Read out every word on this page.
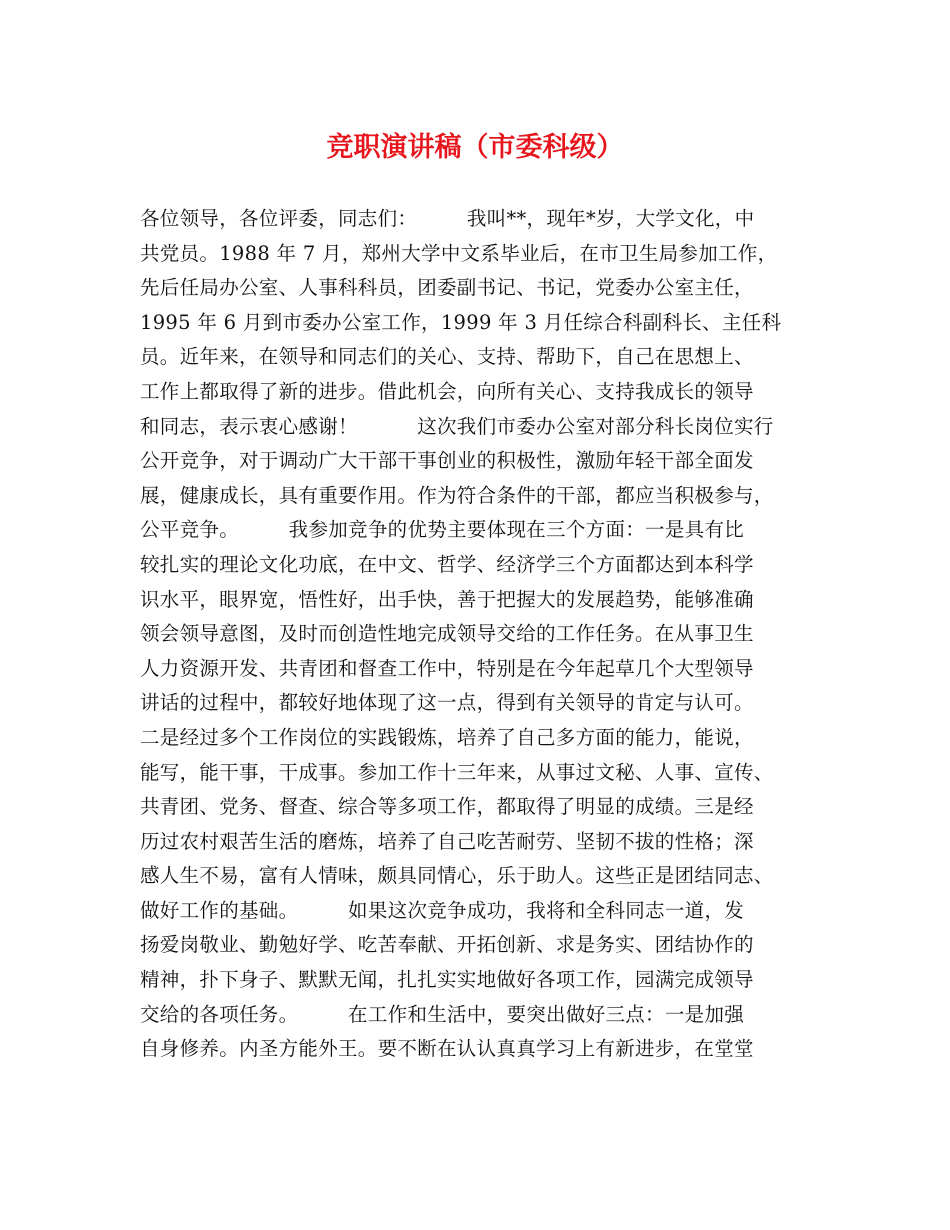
竞职演讲稿（市委科级）
各位领导，各位评委，同志们：　　　我叫**，现年*岁，大学文化，中
共党员。1988 年 7 月，郑州大学中文系毕业后，在市卫生局参加工作，
先后任局办公室、人事科科员，团委副书记、书记，党委办公室主任，
1995 年 6 月到市委办公室工作，1999 年 3 月任综合科副科长、主任科
员。近年来，在领导和同志们的关心、支持、帮助下，自己在思想上、
工作上都取得了新的进步。借此机会，向所有关心、支持我成长的领导
和同志，表示衷心感谢！　　　这次我们市委办公室对部分科长岗位实行
公开竞争，对于调动广大干部干事创业的积极性，激励年轻干部全面发
展，健康成长，具有重要作用。作为符合条件的干部，都应当积极参与，
公平竞争。　　　我参加竞争的优势主要体现在三个方面：一是具有比
较扎实的理论文化功底，在中文、哲学、经济学三个方面都达到本科学
识水平，眼界宽，悟性好，出手快，善于把握大的发展趋势，能够准确
领会领导意图，及时而创造性地完成领导交给的工作任务。在从事卫生
人力资源开发、共青团和督查工作中，特别是在今年起草几个大型领导
讲话的过程中，都较好地体现了这一点，得到有关领导的肯定与认可。
二是经过多个工作岗位的实践锻炼，培养了自己多方面的能力，能说，
能写，能干事，干成事。参加工作十三年来，从事过文秘、人事、宣传、
共青团、党务、督查、综合等多项工作，都取得了明显的成绩。三是经
历过农村艰苦生活的磨炼，培养了自己吃苦耐劳、坚韧不拔的性格；深
感人生不易，富有人情味，颇具同情心，乐于助人。这些正是团结同志、
做好工作的基础。　　　如果这次竞争成功，我将和全科同志一道，发
扬爱岗敬业、勤勉好学、吃苦奉献、开拓创新、求是务实、团结协作的
精神，扑下身子、默默无闻，扎扎实实地做好各项工作，园满完成领导
交给的各项任务。　　　在工作和生活中，要突出做好三点：一是加强
自身修养。内圣方能外王。要不断在认认真真学习上有新进步，在堂堂
